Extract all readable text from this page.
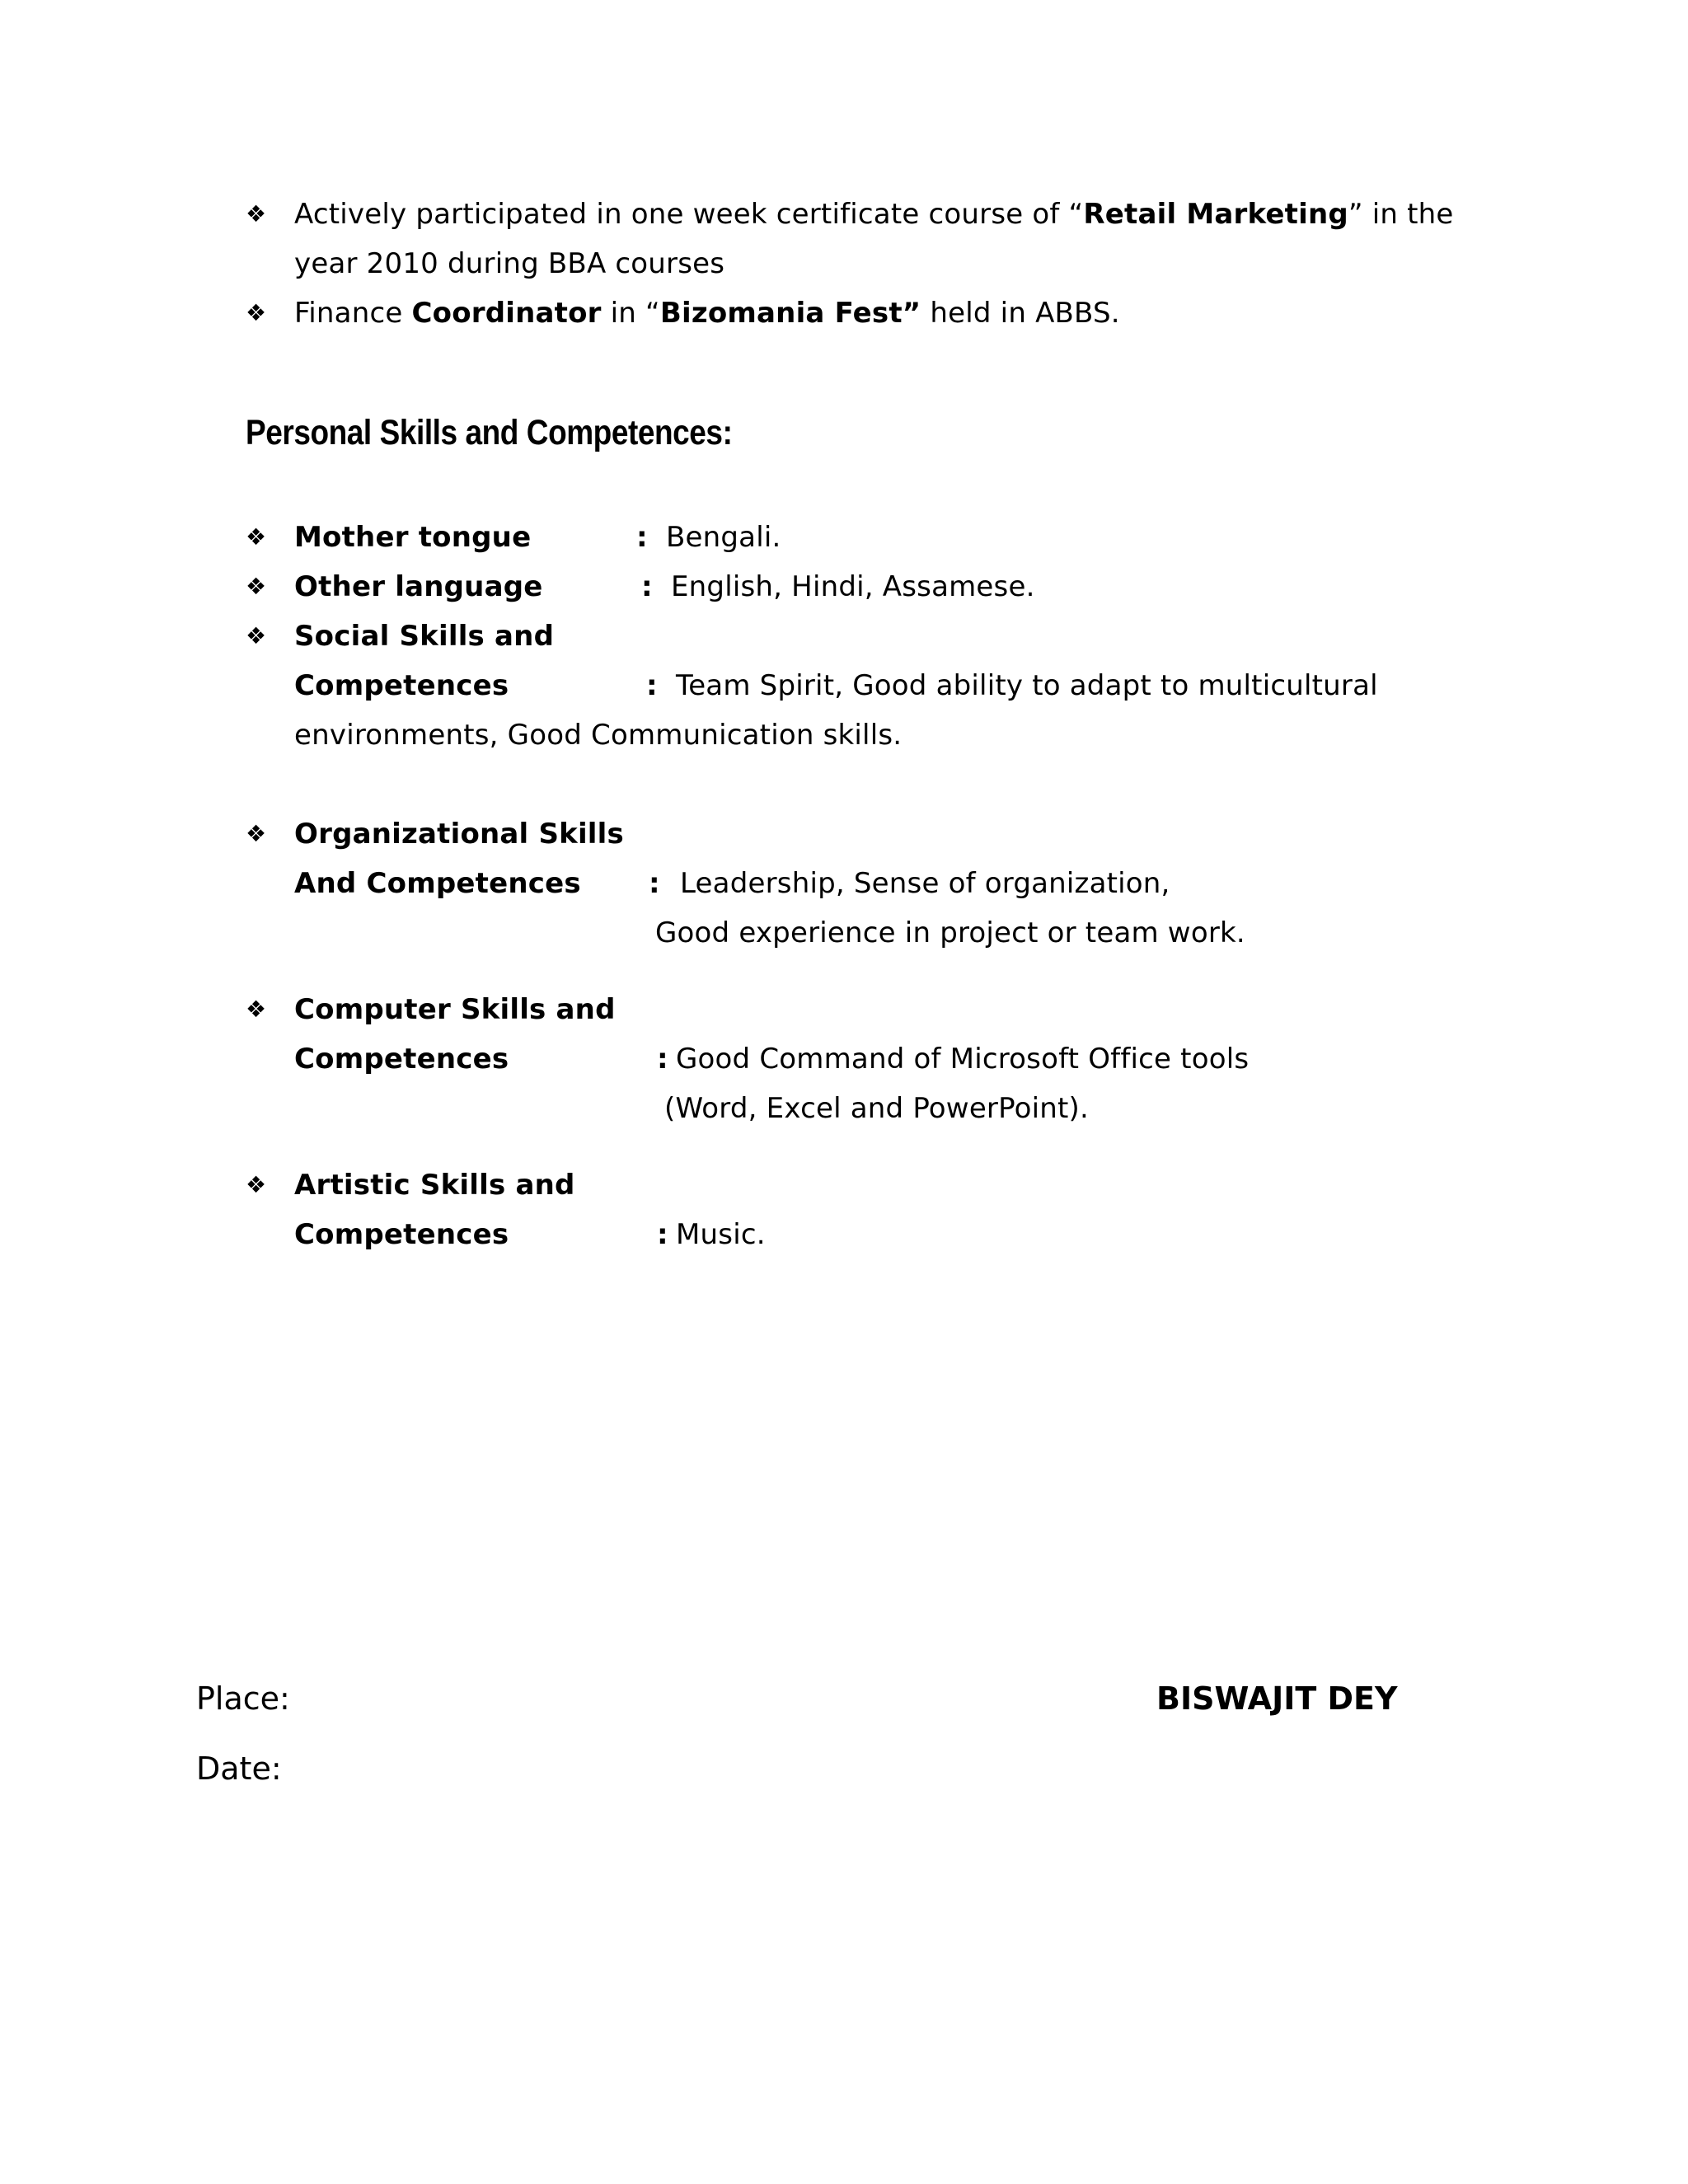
❖ Actively participated in one week certificate course of “Retail Marketing” in the
year 2010 during BBA courses
❖ Finance Coordinator in “Bizomania Fest” held in ABBS.
Personal Skills and Competences:
❖ Mother tongue	: Bengali.
❖ Other language	: English, Hindi, Assamese.
❖ Social Skills and
Competences	: Team Spirit, Good ability to adapt to multicultural
environments, Good Communication skills.
❖ Organizational Skills
And Competences : Leadership, Sense of organization,
Good experience in project or team work.
❖ Computer Skills and
Competences	: Good Command of Microsoft Office tools
(Word, Excel and PowerPoint).
❖ Artistic Skills and
Competences	: Music.
Place:	BISWAJIT DEY
Date:
